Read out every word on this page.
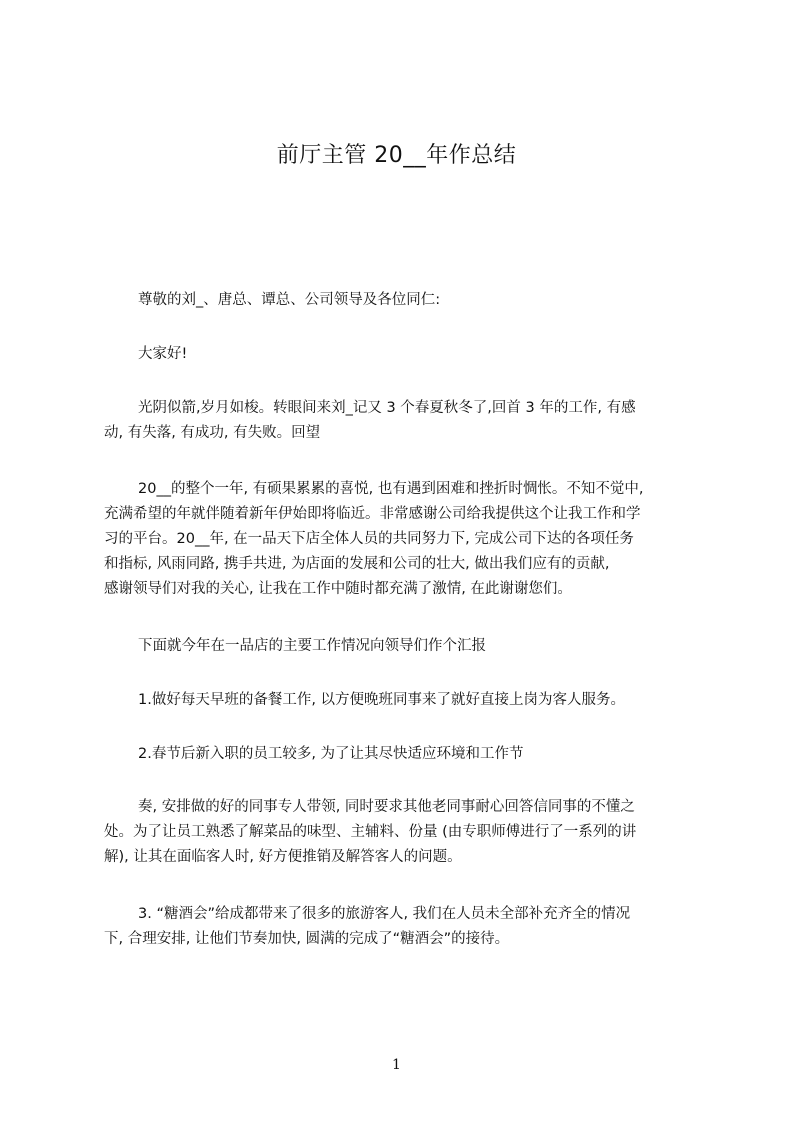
前厅主管 20__年作总结
尊敬的刘_、唐总、谭总、公司领导及各位同仁:
大家好!
光阴似箭,岁月如梭。转眼间来刘_记又 3 个春夏秋冬了,回首 3 年的工作, 有感
动, 有失落, 有成功, 有失败。回望
20__的整个一年, 有硕果累累的喜悦, 也有遇到困难和挫折时惆怅。不知不觉中,
充满希望的年就伴随着新年伊始即将临近。非常感谢公司给我提供这个让我工作和学
习的平台。20__年, 在一品天下店全体人员的共同努力下, 完成公司下达的各项任务
和指标, 风雨同路, 携手共进, 为店面的发展和公司的壮大, 做出我们应有的贡献,
感谢领导们对我的关心, 让我在工作中随时都充满了激情, 在此谢谢您们。
下面就今年在一品店的主要工作情况向领导们作个汇报
1.做好每天早班的备餐工作, 以方便晚班同事来了就好直接上岗为客人服务。
2.春节后新入职的员工较多, 为了让其尽快适应环境和工作节
奏, 安排做的好的同事专人带领, 同时要求其他老同事耐心回答信同事的不懂之
处。为了让员工熟悉了解菜品的味型、主辅料、份量 (由专职师傅进行了一系列的讲
解), 让其在面临客人时, 好方便推销及解答客人的问题。
3. “糖酒会”给成都带来了很多的旅游客人, 我们在人员未全部补充齐全的情况
下, 合理安排, 让他们节奏加快, 圆满的完成了“糖酒会”的接待。
1
